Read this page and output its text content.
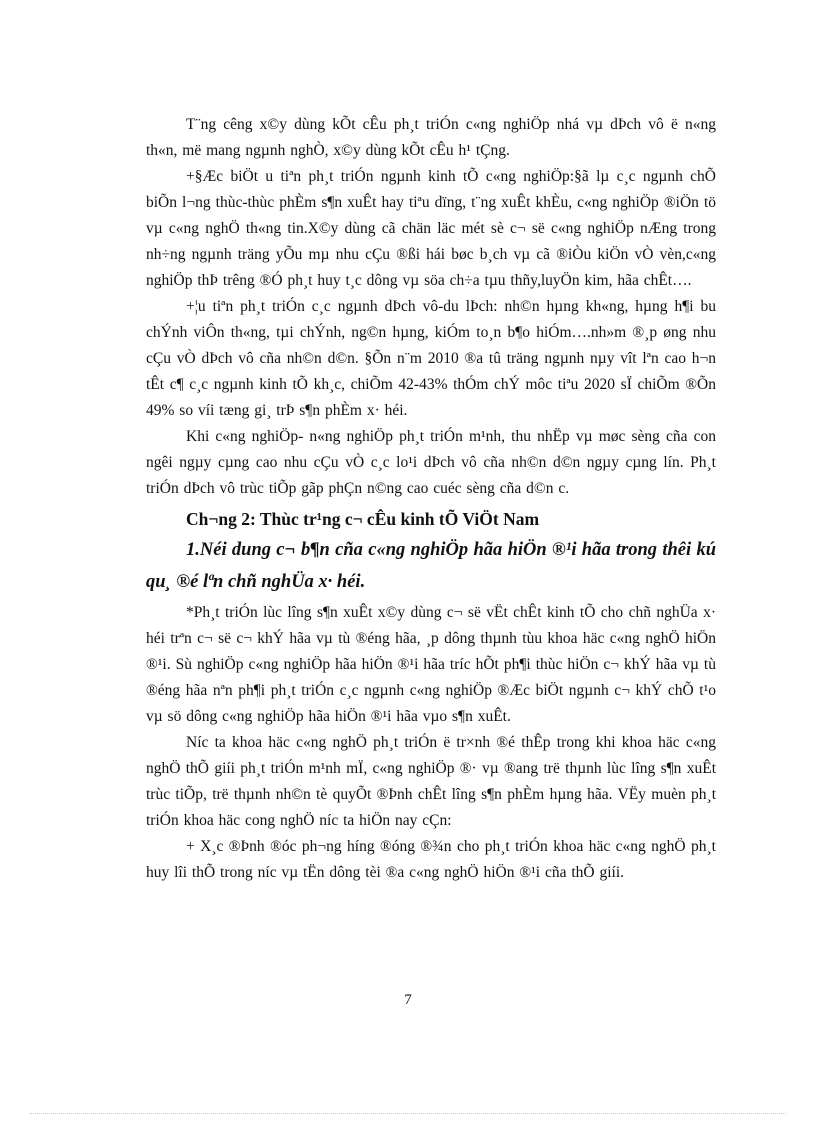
T¨ng cêng x©y dùng kÕt cÊu ph¸t triÓn c«ng nghiÖp nhá vµ dÞch vô ë n«ng th«n, më mang ngµnh nghÒ, x©y dùng kÕt cÊu h¹ tÇng.

+§Æc biÖt u tiªn ph¸t triÓn ngµnh kinh tÕ c«ng nghiÖp:§ã lµ c¸c ngµnh chÕ biÕn l¬ng thùc-thùc phÈm s¶n xuÊt hay tiªu dïng, t¨ng xuÊt khÈu, c«ng nghiÖp ®iÖn tö vµ c«ng nghÖ th«ng tin.X©y dùng cã chän läc mét sè c¬ së c«ng nghiÖp nÆng trong nh÷ng ngµnh träng yÕu mµ nhu cÇu ®ßi hái bøc b¸ch vµ cã ®iÒu kiÖn vÒ vèn,c«ng nghiÖp thÞ trêng ®Ó ph¸t huy t¸c dông vµ söa ch÷a tµu thñy,luyÖn kim, hãa chÊt….

+¦u tiªn ph¸t triÓn c¸c ngµnh dÞch vô-du lÞch: nh©n hµng kh«ng, hµng h¶i bu chÝnh viÔn th«ng, tµi chÝnh, ng©n hµng, kiÓm to¸n b¶o hiÓm….nh»m ®¸p øng nhu cÇu vÒ dÞch vô cña nh©n d©n. §Õn n¨m 2010 ®a tû träng ngµnh nµy vît lªn cao h¬n tÊt c¶ c¸c ngµnh kinh tÕ kh¸c, chiÕm 42-43% thÓm chÝ môc tiªu 2020 sÏ chiÕm ®Õn 49% so víi tæng gi¸ trÞ s¶n phÈm x· héi.

Khi c«ng nghiÖp- n«ng nghiÖp ph¸t triÓn m¹nh, thu nhËp vµ møc sèng cña con ngêi ngµy cµng cao nhu cÇu vÒ c¸c lo¹i dÞch vô cña nh©n d©n ngµy cµng lín. Ph¸t triÓn dÞch vô trùc tiÕp gãp phÇn n©ng cao cuéc sèng cña d©n c.

Ch¬ng 2: Thùc tr¹ng c¬ cÊu kinh tÕ ViÖt Nam
1.Néi dung c¬ b¶n cña c«ng nghiÖp hãa hiÖn ®¹i hãa trong thêi kú qu¸ ®é lªn chñ nghÜa x· héi.

*Ph¸t triÓn lùc lîng s¶n xuÊt x©y dùng c¬ së vËt chÊt kinh tÕ cho chñ nghÜa x· héi trªn c¬ së c¬ khÝ hãa vµ tù ®éng hãa, ¸p dông thµnh tùu khoa häc c«ng nghÖ hiÖn ®¹i. Sù nghiÖp c«ng nghiÖp hãa hiÖn ®¹i hãa tríc hÕt ph¶i thùc hiÖn c¬ khÝ hãa vµ tù ®éng hãa nªn ph¶i ph¸t triÓn c¸c ngµnh c«ng nghiÖp ®Æc biÖt ngµnh c¬ khÝ chÕ t¹o vµ sö dông c«ng nghiÖp hãa hiÖn ®¹i hãa vµo s¶n xuÊt.

Níc ta khoa häc c«ng nghÖ ph¸t triÓn ë tr×nh ®é thÊp trong khi khoa häc c«ng nghÖ thÕ giíi ph¸t triÓn m¹nh mÏ, c«ng nghiÖp ®· vµ ®ang trë thµnh lùc lîng s¶n xuÊt trùc tiÕp, trë thµnh nh©n tè quyÕt ®Þnh chÊt lîng s¶n phÈm hµng hãa. VËy muèn ph¸t triÓn khoa häc cong nghÖ níc ta hiÖn nay cÇn:

+ X¸c ®Þnh ®óc ph¬ng híng ®óng ®¾n cho ph¸t triÓn khoa häc c«ng nghÖ ph¸t huy lîi thÕ trong níc vµ tËn dông tèi ®a c«ng nghÖ hiÖn ®¹i cña thÕ giíi.

7
